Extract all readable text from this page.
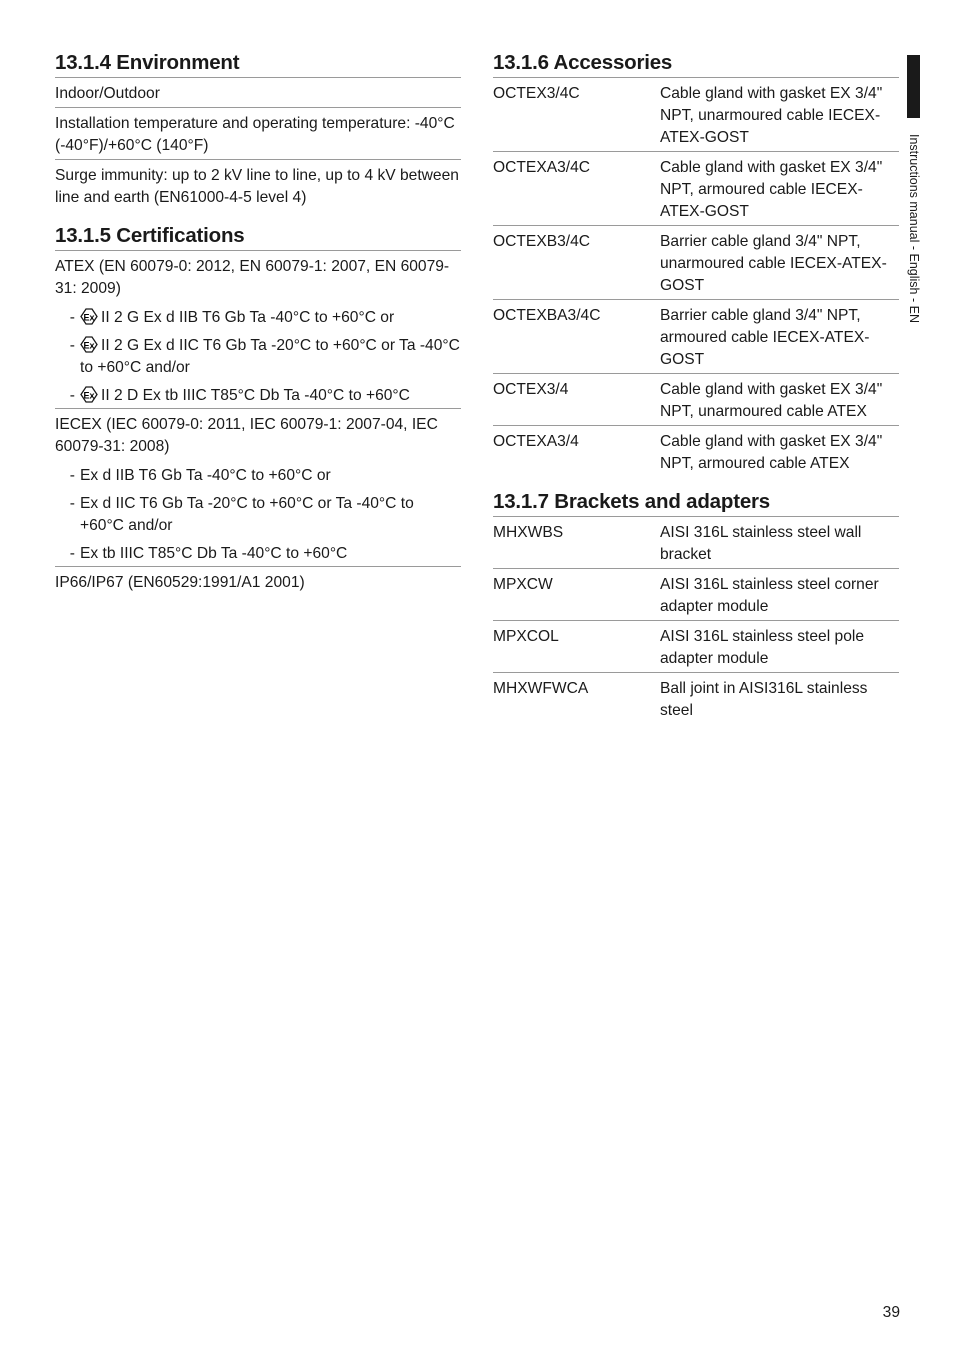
13.1.4 Environment
Indoor/Outdoor
Installation temperature and operating temperature: -40°C (-40°F)/+60°C (140°F)
Surge immunity: up to 2 kV line to line, up to 4 kV between line and earth (EN61000-4-5 level 4)
13.1.5 Certifications
ATEX (EN 60079-0: 2012, EN 60079-1: 2007, EN 60079-31: 2009)
- Ex II 2 G Ex d IIB T6 Gb Ta -40°C to +60°C or
- Ex II 2 G Ex d IIC T6 Gb Ta -20°C to +60°C or Ta -40°C to +60°C and/or
- Ex II 2 D Ex tb IIIC T85°C Db Ta -40°C to +60°C
IECEX (IEC 60079-0: 2011, IEC 60079-1: 2007-04, IEC 60079-31: 2008)
- Ex d IIB T6 Gb Ta -40°C to +60°C or
- Ex d IIC T6 Gb Ta -20°C to +60°C or Ta -40°C to +60°C and/or
- Ex tb IIIC T85°C Db Ta -40°C to +60°C
IP66/IP67 (EN60529:1991/A1 2001)
13.1.6 Accessories
OCTEX3/4C	Cable gland with gasket EX 3/4" NPT, unarmoured cable IECEX-ATEX-GOST
OCTEXA3/4C	Cable gland with gasket EX 3/4" NPT, armoured cable IECEX-ATEX-GOST
OCTEXB3/4C	Barrier cable gland 3/4" NPT, unarmoured cable IECEX-ATEX-GOST
OCTEXBA3/4C	Barrier cable gland 3/4" NPT, armoured cable IECEX-ATEX-GOST
OCTEX3/4	Cable gland with gasket EX 3/4" NPT, unarmoured cable ATEX
OCTEXA3/4	Cable gland with gasket EX 3/4" NPT, armoured cable ATEX
13.1.7 Brackets and adapters
MHXWBS	AISI 316L stainless steel wall bracket
MPXCW	AISI 316L stainless steel corner adapter module
MPXCOL	AISI 316L stainless steel pole adapter module
MHXWFWCA	Ball joint in AISI316L stainless steel
Instructions manual - English - EN
39
